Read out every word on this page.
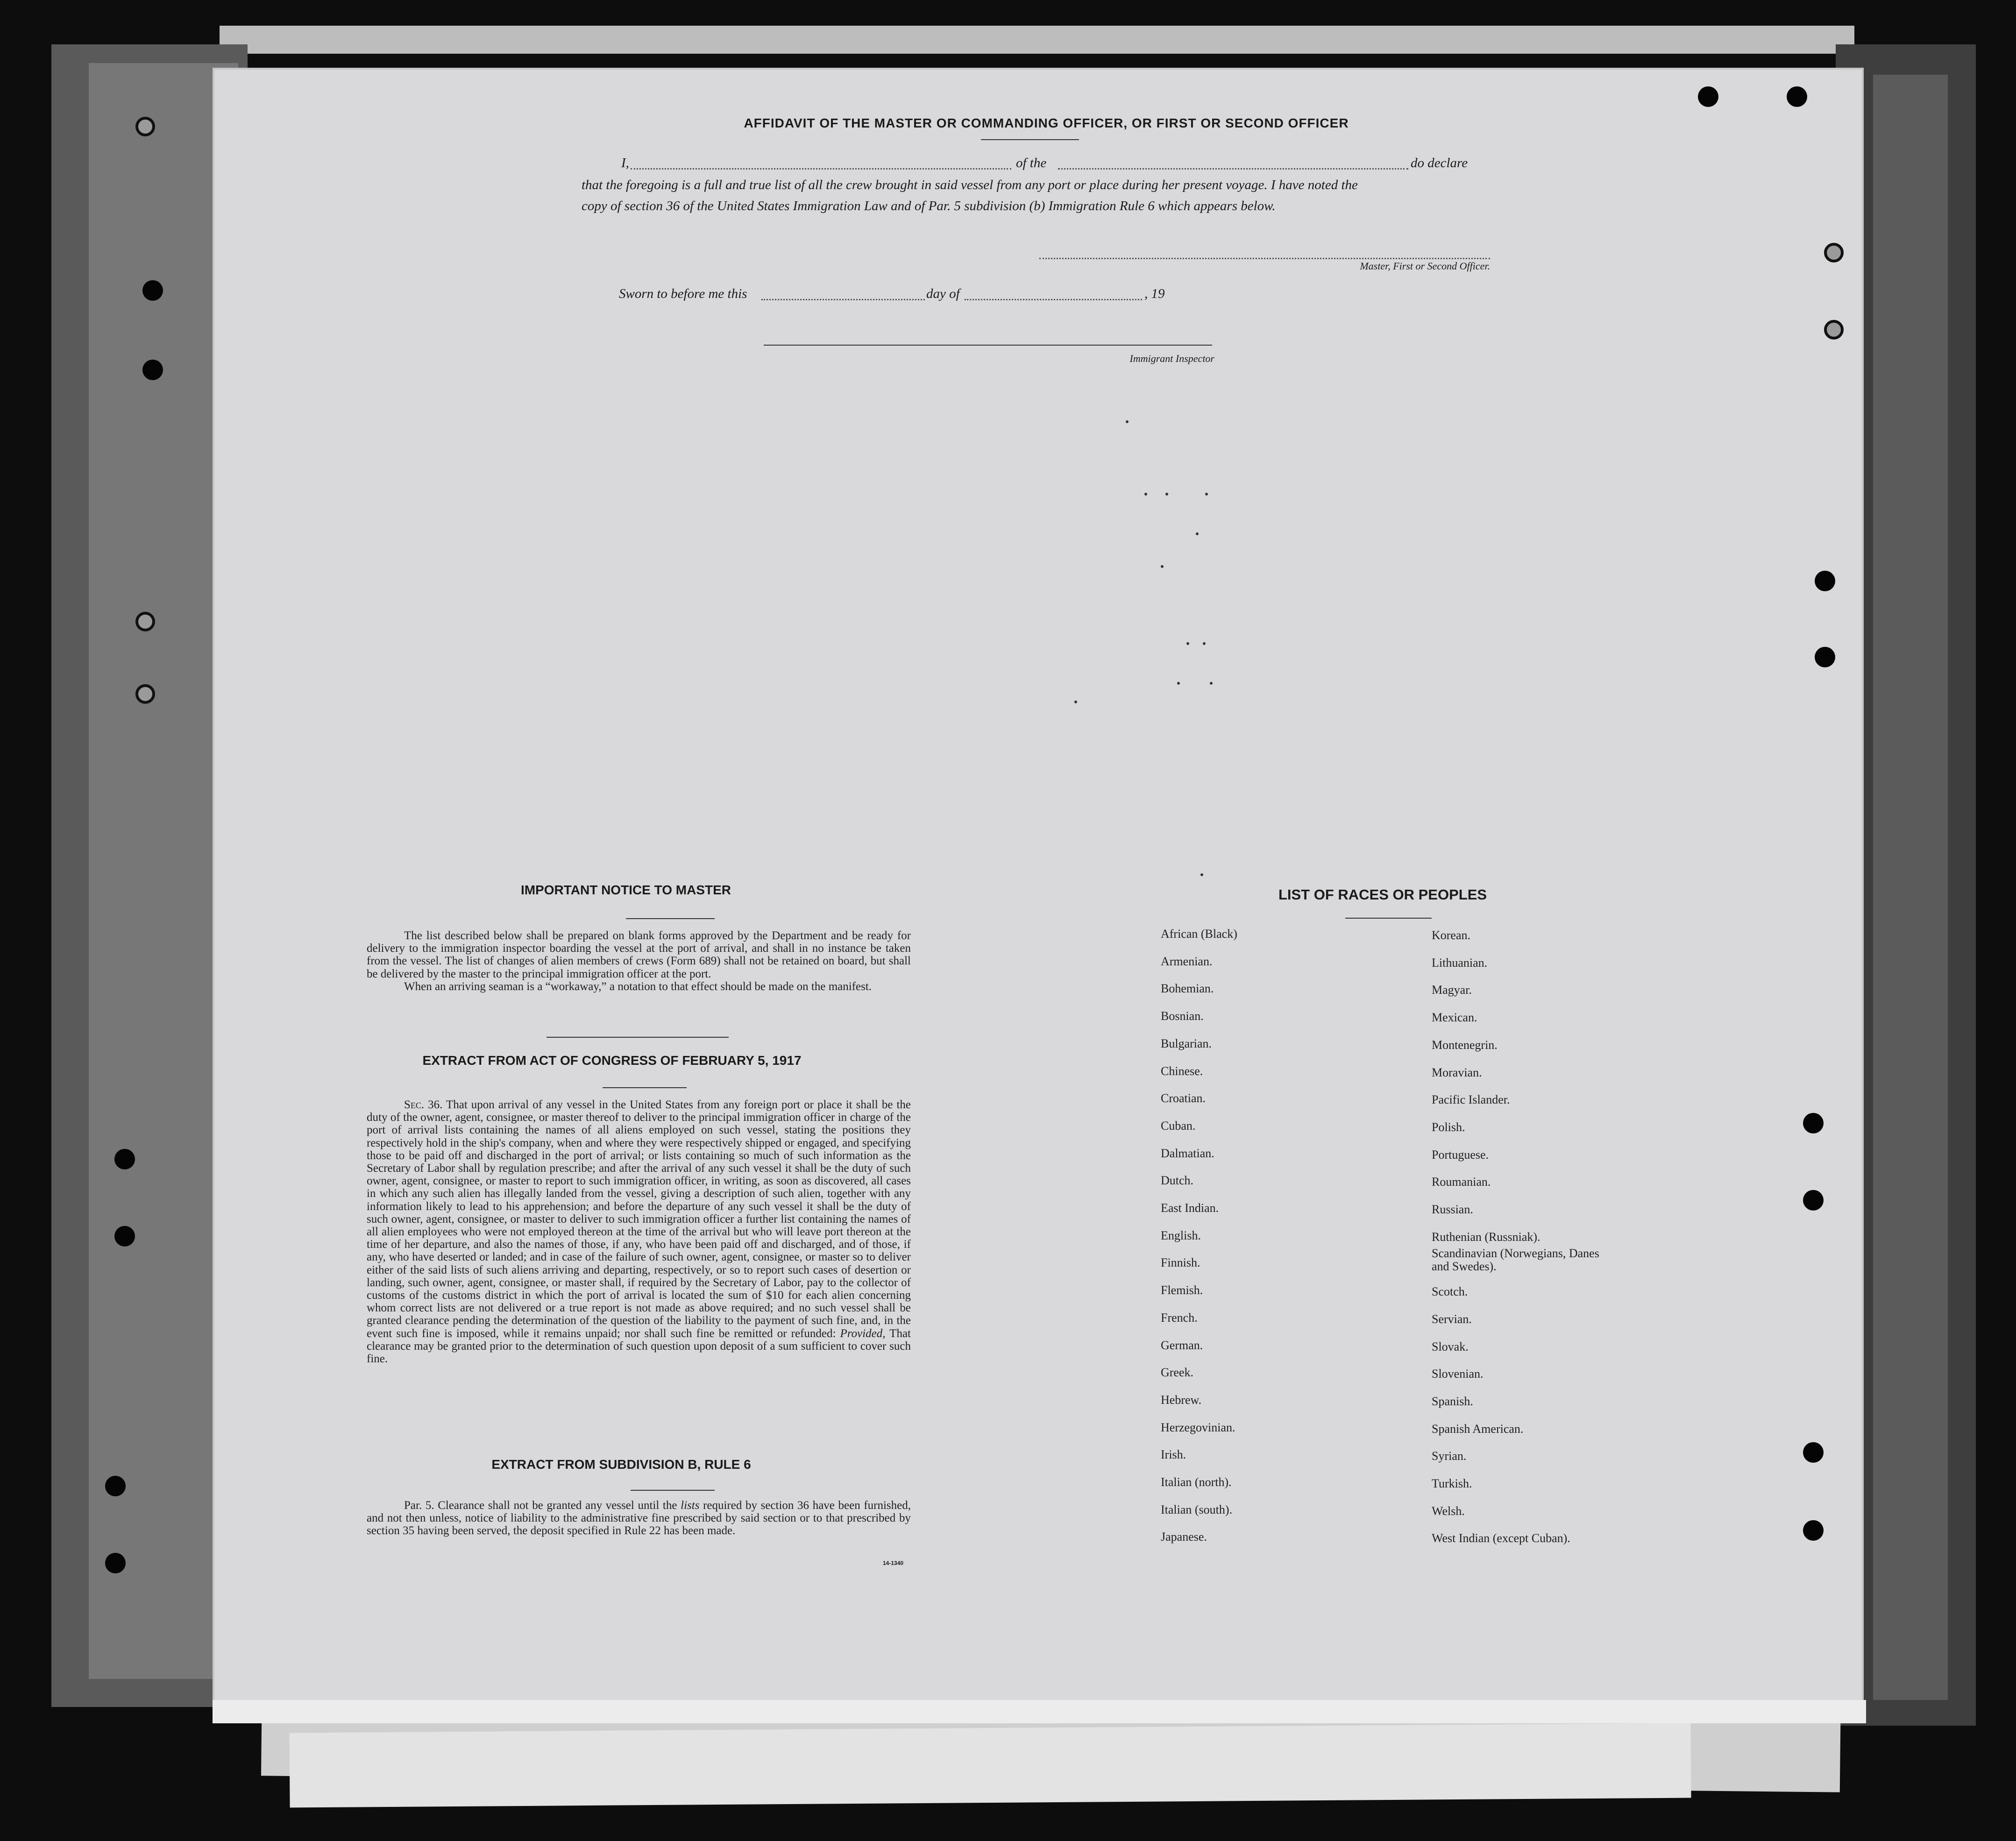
AFFIDAVIT OF THE MASTER OR COMMANDING OFFICER, OR FIRST OR SECOND OFFICER
I,	of the	do declare
that the foregoing is a full and true list of all the crew brought in said vessel from any port or place during her present voyage. I have noted the
copy of section 36 of the United States Immigration Law and of Par. 5 subdivision (b) Immigration Rule 6 which appears below.
Master, First or Second Officer.
Sworn to before me this	day of	, 19
Immigrant Inspector
IMPORTANT NOTICE TO MASTER

The list described below shall be prepared on blank forms approved by the Department and be ready for delivery to the immigration inspector boarding the vessel at the port of arrival, and shall in no instance be taken from the vessel. The list of changes of alien members of crews (Form 689) shall not be retained on board, but shall be delivered by the master to the principal immigration officer at the port.

When an arriving seaman is a “workaway,” a notation to that effect should be made on the manifest.

EXTRACT FROM ACT OF CONGRESS OF FEBRUARY 5, 1917

Sec. 36. That upon arrival of any vessel in the United States from any foreign port or place it shall be the duty of the owner, agent, consignee, or master thereof to deliver to the principal immigration officer in charge of the port of arrival lists containing the names of all aliens employed on such vessel, stating the positions they respectively hold in the ship's company, when and where they were respectively shipped or engaged, and specifying those to be paid off and discharged in the port of arrival; or lists containing so much of such information as the Secretary of Labor shall by regulation prescribe; and after the arrival of any such vessel it shall be the duty of such owner, agent, consignee, or master to report to such immigration officer, in writing, as soon as discovered, all cases in which any such alien has illegally landed from the vessel, giving a description of such alien, together with any information likely to lead to his apprehension; and before the departure of any such vessel it shall be the duty of such owner, agent, consignee, or master to deliver to such immigration officer a further list containing the names of all alien employees who were not employed thereon at the time of the arrival but who will leave port thereon at the time of her departure, and also the names of those, if any, who have been paid off and discharged, and of those, if any, who have deserted or landed; and in case of the failure of such owner, agent, consignee, or master so to deliver either of the said lists of such aliens arriving and departing, respectively, or so to report such cases of desertion or landing, such owner, agent, consignee, or master shall, if required by the Secretary of Labor, pay to the collector of customs of the customs district in which the port of arrival is located the sum of $10 for each alien concerning whom correct lists are not delivered or a true report is not made as above required; and no such vessel shall be granted clearance pending the determination of the question of the liability to the payment of such fine, and, in the event such fine is imposed, while it remains unpaid; nor shall such fine be remitted or refunded: Provided, That clearance may be granted prior to the determination of such question upon deposit of a sum sufficient to cover such fine.

EXTRACT FROM SUBDIVISION B, RULE 6

Par. 5. Clearance shall not be granted any vessel until the lists required by section 36 have been furnished, and not then unless, notice of liability to the administrative fine prescribed by said section or to that prescribed by section 35 having been served, the deposit specified in Rule 22 has been made.

14-1340
LIST OF RACES OR PEOPLES
African (Black)
Armenian.
Bohemian.
Bosnian.
Bulgarian.
Chinese.
Croatian.
Cuban.
Dalmatian.
Dutch.
East Indian.
English.
Finnish.
Flemish.
French.
German.
Greek.
Hebrew.
Herzegovinian.
Irish.
Italian (north).
Italian (south).
Japanese.
Korean.
Lithuanian.
Magyar.
Mexican.
Montenegrin.
Moravian.
Pacific Islander.
Polish.
Portuguese.
Roumanian.
Russian.
Ruthenian (Russniak).
Scandinavian (Norwegians, Danes and Swedes).
Scotch.
Servian.
Slovak.
Slovenian.
Spanish.
Spanish American.
Syrian.
Turkish.
Welsh.
West Indian (except Cuban).
